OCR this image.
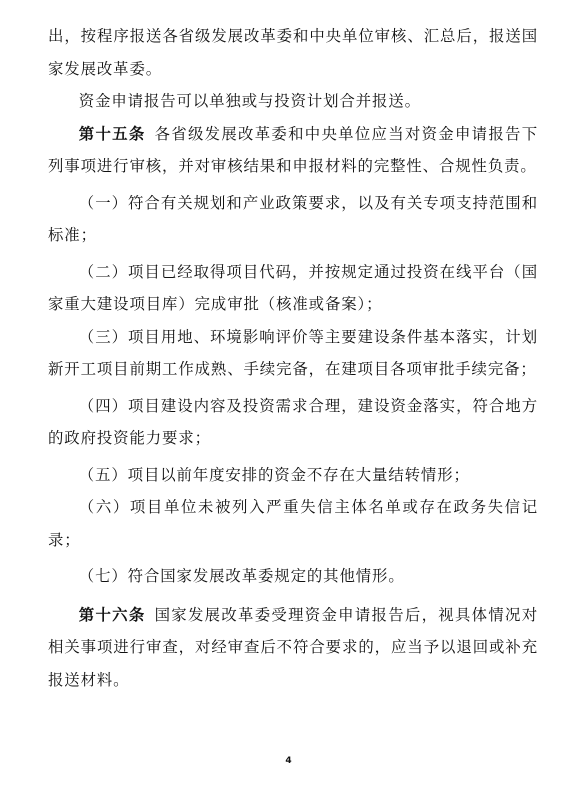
出，按程序报送各省级发展改革委和中央单位审核、汇总后，报送国家发展改革委。

资金申请报告可以单独或与投资计划合并报送。

第十五条  各省级发展改革委和中央单位应当对资金申请报告下列事项进行审核，并对审核结果和申报材料的完整性、合规性负责。

（一）符合有关规划和产业政策要求，以及有关专项支持范围和标准；

（二）项目已经取得项目代码，并按规定通过投资在线平台（国家重大建设项目库）完成审批（核准或备案）；

（三）项目用地、环境影响评价等主要建设条件基本落实，计划新开工项目前期工作成熟、手续完备，在建项目各项审批手续完备；

（四）项目建设内容及投资需求合理，建设资金落实，符合地方的政府投资能力要求；

（五）项目以前年度安排的资金不存在大量结转情形；

（六）项目单位未被列入严重失信主体名单或存在政务失信记录；

（七）符合国家发展改革委规定的其他情形。

第十六条  国家发展改革委受理资金申请报告后，视具体情况对相关事项进行审查，对经审查后不符合要求的，应当予以退回或补充报送材料。

4
